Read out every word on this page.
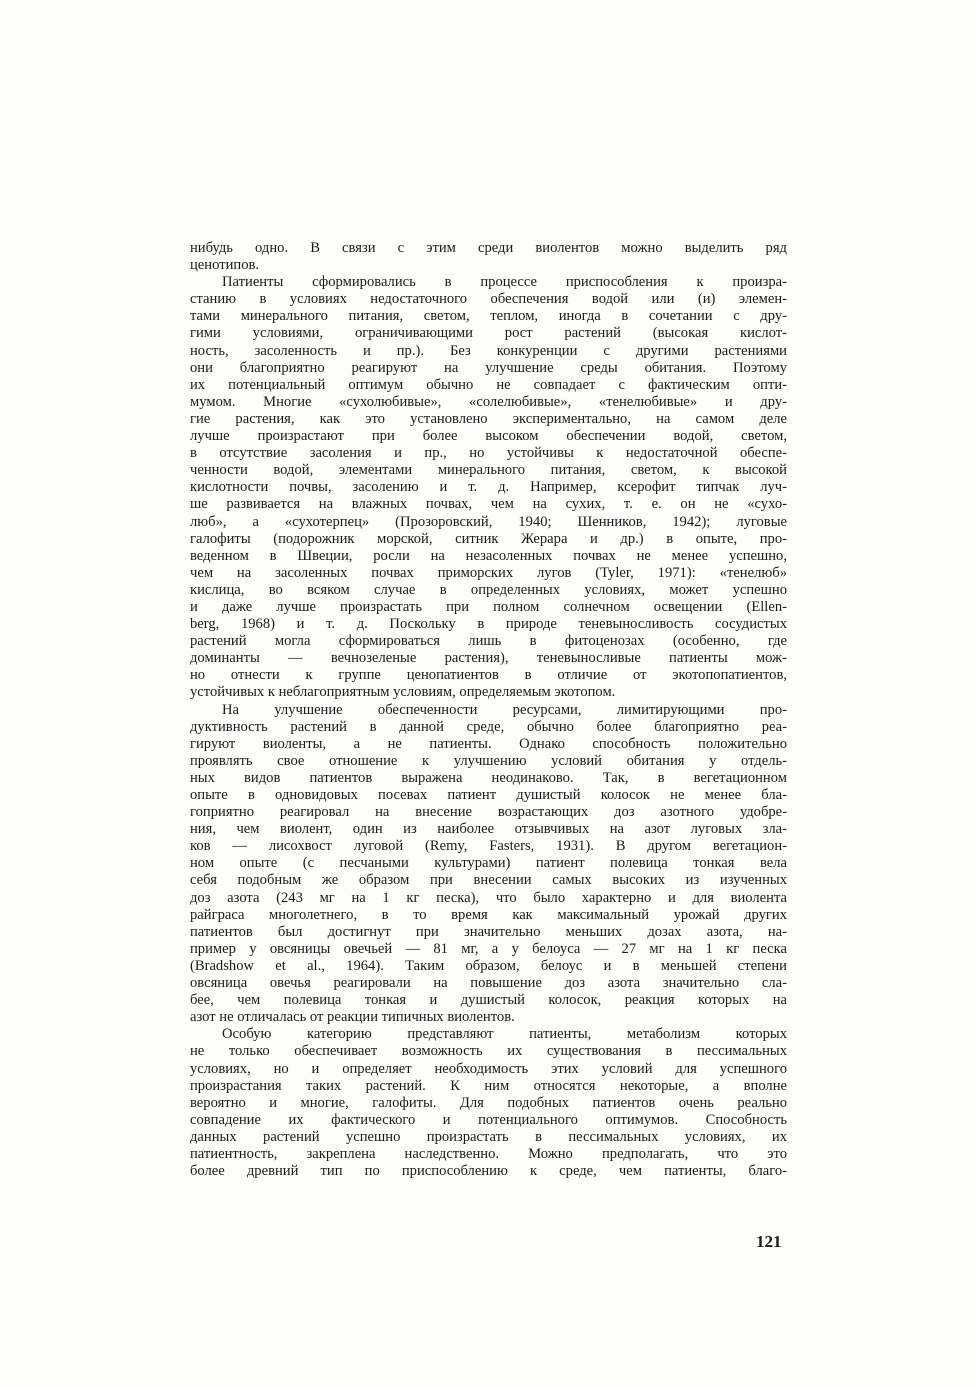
нибудь одно. В связи с этим среди виолентов можно выделить ряд
ценотипов.
Патиенты сформировались в процессе приспособления к произра-
станию в условиях недостаточного обеспечения водой или (и) элемен-
тами минерального питания, светом, теплом, иногда в сочетании с дру-
гими условиями, ограничивающими рост растений (высокая кислот-
ность, засоленность и пр.). Без конкуренции с другими растениями
они благоприятно реагируют на улучшение среды обитания. Поэтому
их потенциальный оптимум обычно не совпадает с фактическим опти-
мумом. Многие «сухолюбивые», «солелюбивые», «тенелюбивые» и дру-
гие растения, как это установлено экспериментально, на самом деле
лучше произрастают при более высоком обеспечении водой, светом,
в отсутствие засоления и пр., но устойчивы к недостаточной обеспе-
ченности водой, элементами минерального питания, светом, к высокой
кислотности почвы, засолению и т. д. Например, ксерофит типчак луч-
ше развивается на влажных почвах, чем на сухих, т. е. он не «сухо-
люб», а «сухотерпец» (Прозоровский, 1940; Шенников, 1942); луговые
галофиты (подорожник морской, ситник Жерара и др.) в опыте, про-
веденном в Швеции, росли на незасоленных почвах не менее успешно,
чем на засоленных почвах приморских лугов (Tyler, 1971): «тенелюб»
кислица, во всяком случае в определенных условиях, может успешно
и даже лучше произрастать при полном солнечном освещении (Ellen-
berg, 1968) и т. д. Поскольку в природе теневыносливость сосудистых
растений могла сформироваться лишь в фитоценозах (особенно, где
доминанты — вечнозеленые растения), теневыносливые патиенты мож-
но отнести к группе ценопатиентов в отличие от экотопопатиентов,
устойчивых к неблагоприятным условиям, определяемым экотопом.
На улучшение обеспеченности ресурсами, лимитирующими про-
дуктивность растений в данной среде, обычно более благоприятно реа-
гируют виоленты, а не патиенты. Однако способность положительно
проявлять свое отношение к улучшению условий обитания у отдель-
ных видов патиентов выражена неодинаково. Так, в вегетационном
опыте в одновидовых посевах патиент душистый колосок не менее бла-
гоприятно реагировал на внесение возрастающих доз азотного удобре-
ния, чем виолент, один из наиболее отзывчивых на азот луговых зла-
ков — лисохвост луговой (Remy, Fasters, 1931). В другом вегетацион-
ном опыте (с песчаными культурами) патиент полевица тонкая вела
себя подобным же образом при внесении самых высоких из изученных
доз азота (243 мг на 1 кг песка), что было характерно и для виолента
райграса многолетнего, в то время как максимальный урожай других
патиентов был достигнут при значительно меньших дозах азота, на-
пример у овсяницы овечьей — 81 мг, а у белоуса — 27 мг на 1 кг песка
(Bradshow et al., 1964). Таким образом, белоус и в меньшей степени
овсяница овечья реагировали на повышение доз азота значительно сла-
бее, чем полевица тонкая и душистый колосок, реакция которых на
азот не отличалась от реакции типичных виолентов.
Особую категорию представляют патиенты, метаболизм которых
не только обеспечивает возможность их существования в пессимальных
условиях, но и определяет необходимость этих условий для успешного
произрастания таких растений. К ним относятся некоторые, а вполне
вероятно и многие, галофиты. Для подобных патиентов очень реально
совпадение их фактического и потенциального оптимумов. Способность
данных растений успешно произрастать в пессимальных условиях, их
патиентность, закреплена наследственно. Можно предполагать, что это
более древний тип по приспособлению к среде, чем патиенты, благо-
121
